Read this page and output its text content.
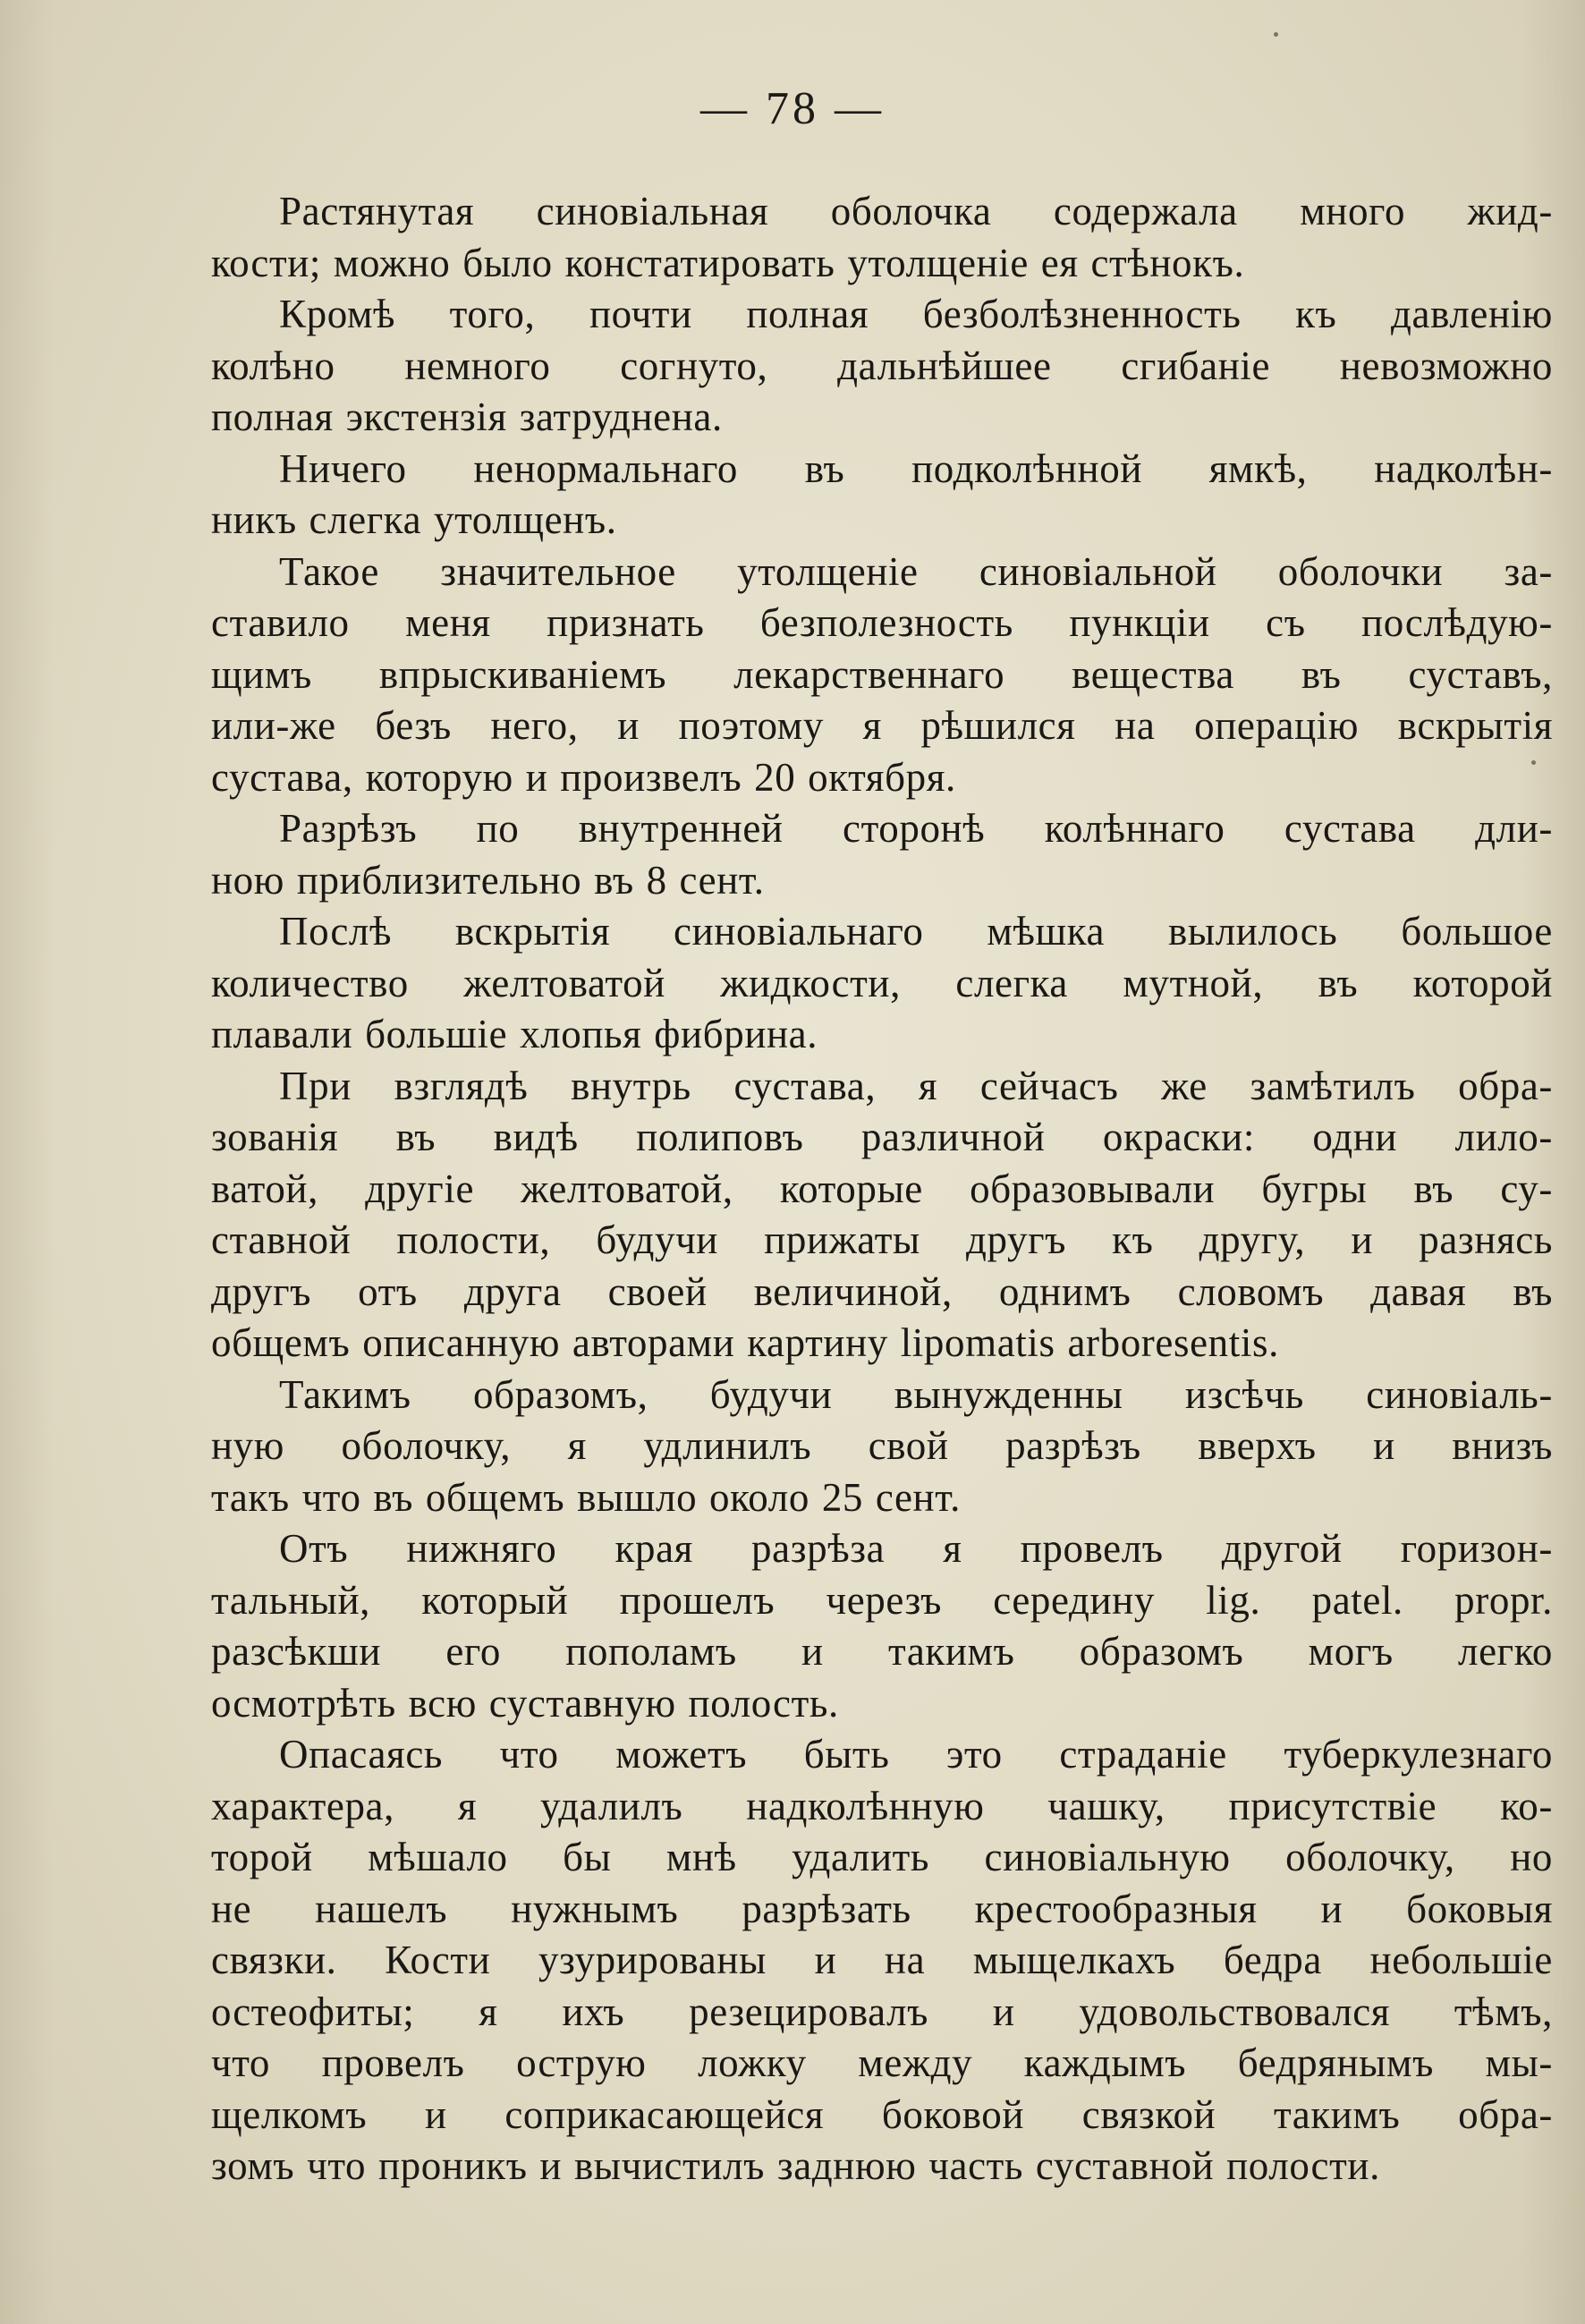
— 78 —
Растянутая синовіальная оболочка содержала много жид-
кости; можно было констатировать утолщеніе ея стѣнокъ.
Кромѣ того, почти полная безболѣзненность къ давленію
колѣно немного согнуто, дальнѣйшее сгибаніе невозможно
полная экстензія затруднена.
Ничего ненормальнаго въ подколѣнной ямкѣ, надколѣн-
никъ слегка утолщенъ.
Такое значительное утолщеніе синовіальной оболочки за-
ставило меня признать безполезность пункціи съ послѣдую-
щимъ впрыскиваніемъ лекарственнаго вещества въ суставъ,
или-же безъ него, и поэтому я рѣшился на операцію вскрытія
сустава, которую и произвелъ 20 октября.
Разрѣзъ по внутренней сторонѣ колѣннаго сустава дли-
ною приблизительно въ 8 сент.
Послѣ вскрытія синовіальнаго мѣшка вылилось большое
количество желтоватой жидкости, слегка мутной, въ которой
плавали большіе хлопья фибрина.
При взглядѣ внутрь сустава, я сейчасъ же замѣтилъ обра-
зованія въ видѣ полиповъ различной окраски: одни лило-
ватой, другіе желтоватой, которые образовывали бугры въ су-
ставной полости, будучи прижаты другъ къ другу, и разнясь
другъ отъ друга своей величиной, однимъ словомъ давая въ
общемъ описанную авторами картину lipomatis arboresentis.
Такимъ образомъ, будучи вынужденны изсѣчь синовіаль-
ную оболочку, я удлинилъ свой разрѣзъ вверхъ и внизъ
такъ что въ общемъ вышло около 25 сент.
Отъ нижняго края разрѣза я провелъ другой горизон-
тальный, который прошелъ черезъ середину lig. patel. propr.
разсѣкши его пополамъ и такимъ образомъ могъ легко
осмотрѣть всю суставную полость.
Опасаясь что можетъ быть это страданіе туберкулезнаго
характера, я удалилъ надколѣнную чашку, присутствіе ко-
торой мѣшало бы мнѣ удалить синовіальную оболочку, но
не нашелъ нужнымъ разрѣзать крестообразныя и боковыя
связки. Кости узурированы и на мыщелкахъ бедра небольшіе
остеофиты; я ихъ резецировалъ и удовольствовался тѣмъ,
что провелъ острую ложку между каждымъ бедрянымъ мы-
щелкомъ и соприкасающейся боковой связкой такимъ обра-
зомъ что проникъ и вычистилъ заднюю часть суставной полости.
